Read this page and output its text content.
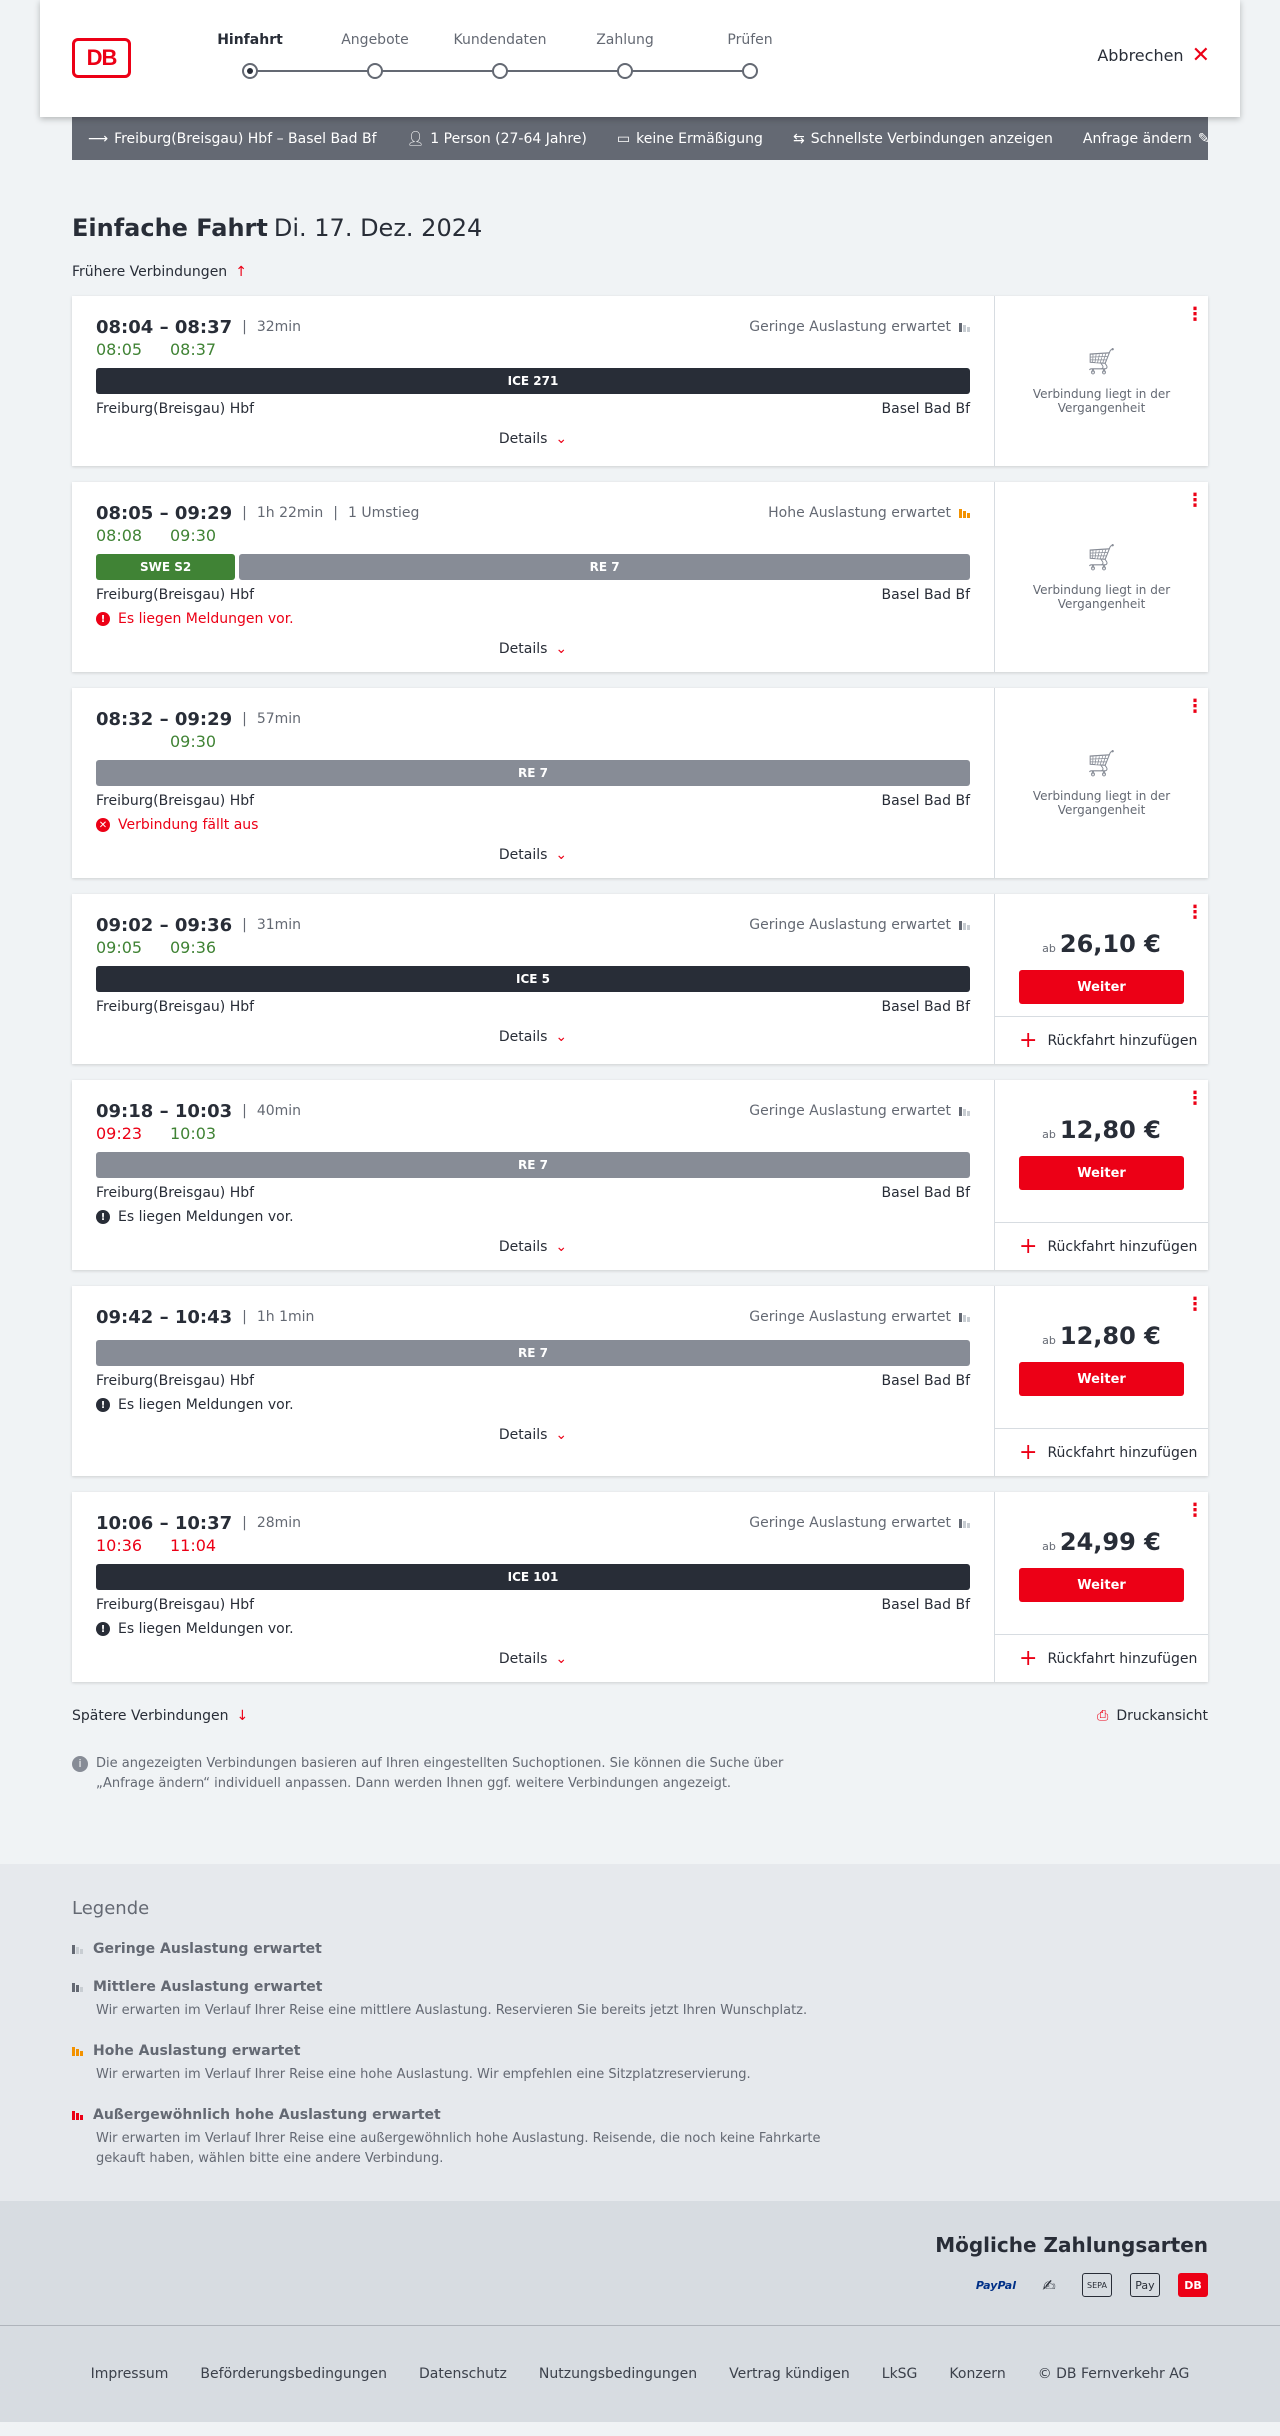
DB
Hinfahrt	Angebote	Kundendaten	Zahlung	Prüfen
Abbrechen ✕
⟶ Freiburg(Breisgau) Hbf – Basel Bad Bf 👤︎ 1 Person (27-64 Jahre) ▭ keine Ermäßigung ⇆ Schnellste Verbindungen anzeigen Anfrage ändern ✎
Einfache Fahrt Di. 17. Dez. 2024
Frühere Verbindungen ↑
08:04 – 08:37 | 32min	Geringe Auslastung erwartet
08:05	08:37
ICE 271
Freiburg(Breisgau) Hbf	Basel Bad Bf
Details ⌄
⋮
🛒︎
Verbindung liegt in der Vergangenheit
08:05 – 09:29 | 1h 22min | 1 Umstieg	Hohe Auslastung erwartet
08:08	09:30
SWE S2	RE 7
Freiburg(Breisgau) Hbf	Basel Bad Bf
! Es liegen Meldungen vor.
Details ⌄
⋮
🛒︎
Verbindung liegt in der Vergangenheit
08:32 – 09:29 | 57min
09:30
RE 7
Freiburg(Breisgau) Hbf	Basel Bad Bf
✕ Verbindung fällt aus
Details ⌄
⋮
🛒︎
Verbindung liegt in der Vergangenheit
09:02 – 09:36 | 31min	Geringe Auslastung erwartet
09:05	09:36
ICE 5
Freiburg(Breisgau) Hbf	Basel Bad Bf
Details ⌄
⋮
ab 26,10 €
Weiter
+ Rückfahrt hinzufügen
09:18 – 10:03 | 40min	Geringe Auslastung erwartet
09:23	10:03
RE 7
Freiburg(Breisgau) Hbf	Basel Bad Bf
! Es liegen Meldungen vor.
Details ⌄
⋮
ab 12,80 €
Weiter
+ Rückfahrt hinzufügen
09:42 – 10:43 | 1h 1min	Geringe Auslastung erwartet
RE 7
Freiburg(Breisgau) Hbf	Basel Bad Bf
! Es liegen Meldungen vor.
Details ⌄
⋮
ab 12,80 €
Weiter
+ Rückfahrt hinzufügen
10:06 – 10:37 | 28min	Geringe Auslastung erwartet
10:36	11:04
ICE 101
Freiburg(Breisgau) Hbf	Basel Bad Bf
! Es liegen Meldungen vor.
Details ⌄
⋮
ab 24,99 €
Weiter
+ Rückfahrt hinzufügen
Spätere Verbindungen ↓	⎙ Druckansicht
i	Die angezeigten Verbindungen basieren auf Ihren eingestellten Suchoptionen. Sie können die Suche über „Anfrage ändern“ individuell anpassen. Dann werden Ihnen ggf. weitere Verbindungen angezeigt.
Legende
Geringe Auslastung erwartet
Mittlere Auslastung erwartet
Wir erwarten im Verlauf Ihrer Reise eine mittlere Auslastung. Reservieren Sie bereits jetzt Ihren Wunschplatz.
Hohe Auslastung erwartet
Wir erwarten im Verlauf Ihrer Reise eine hohe Auslastung. Wir empfehlen eine Sitzplatzreservierung.
Außergewöhnlich hohe Auslastung erwartet
Wir erwarten im Verlauf Ihrer Reise eine außergewöhnlich hohe Auslastung. Reisende, die noch keine Fahrkarte gekauft haben, wählen bitte eine andere Verbindung.
Mögliche Zahlungsarten
PayPal	✍	SEPA	Pay	DB
Impressum Beförderungsbedingungen Datenschutz Nutzungsbedingungen Vertrag kündigen LkSG Konzern © DB Fernverkehr AG
